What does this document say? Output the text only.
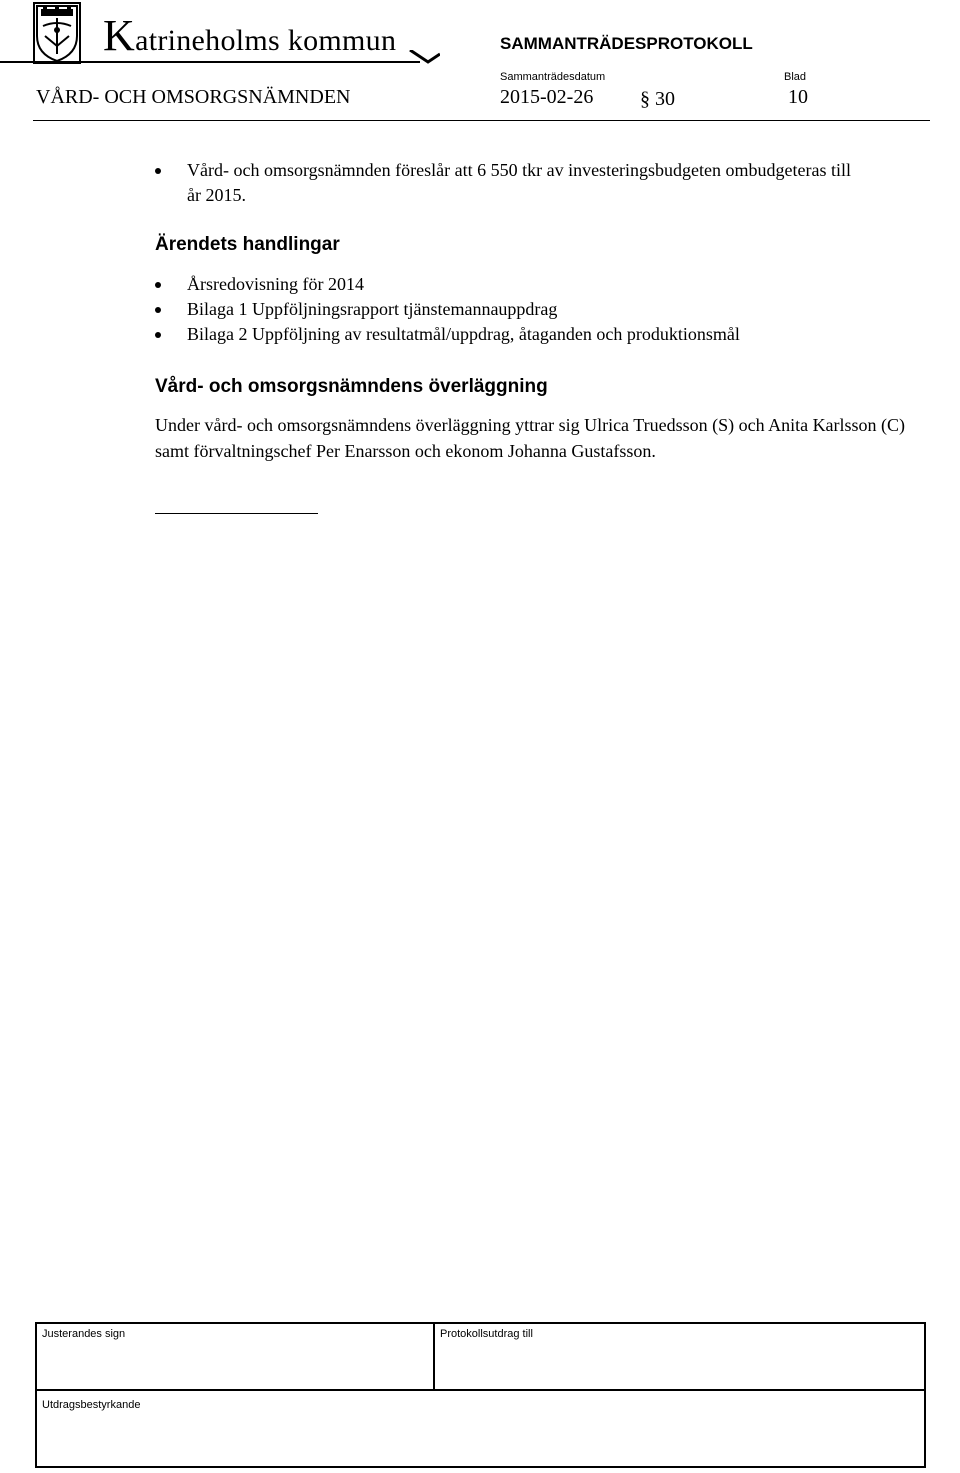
Katrineholms kommun	SAMMANTRÄDESPROTOKOLL
Sammanträdesdatum	Blad
VÅRD- OCH OMSORGSNÄMNDEN	2015-02-26 § 30	10
Vård- och omsorgsnämnden föreslår att 6 550 tkr av investeringsbudgeten ombudgeteras till år 2015.
Ärendets handlingar
Årsredovisning för 2014
Bilaga 1 Uppföljningsrapport tjänstemannauppdrag
Bilaga 2 Uppföljning av resultatmål/uppdrag, åtaganden och produktionsmål
Vård- och omsorgsnämndens överläggning

Under vård- och omsorgsnämndens överläggning yttrar sig Ulrica Truedsson (S) och Anita Karlsson (C) samt förvaltningschef Per Enarsson och ekonom Johanna Gustafsson.

Justerandes sign	Protokollsutdrag till
Utdragsbestyrkande
